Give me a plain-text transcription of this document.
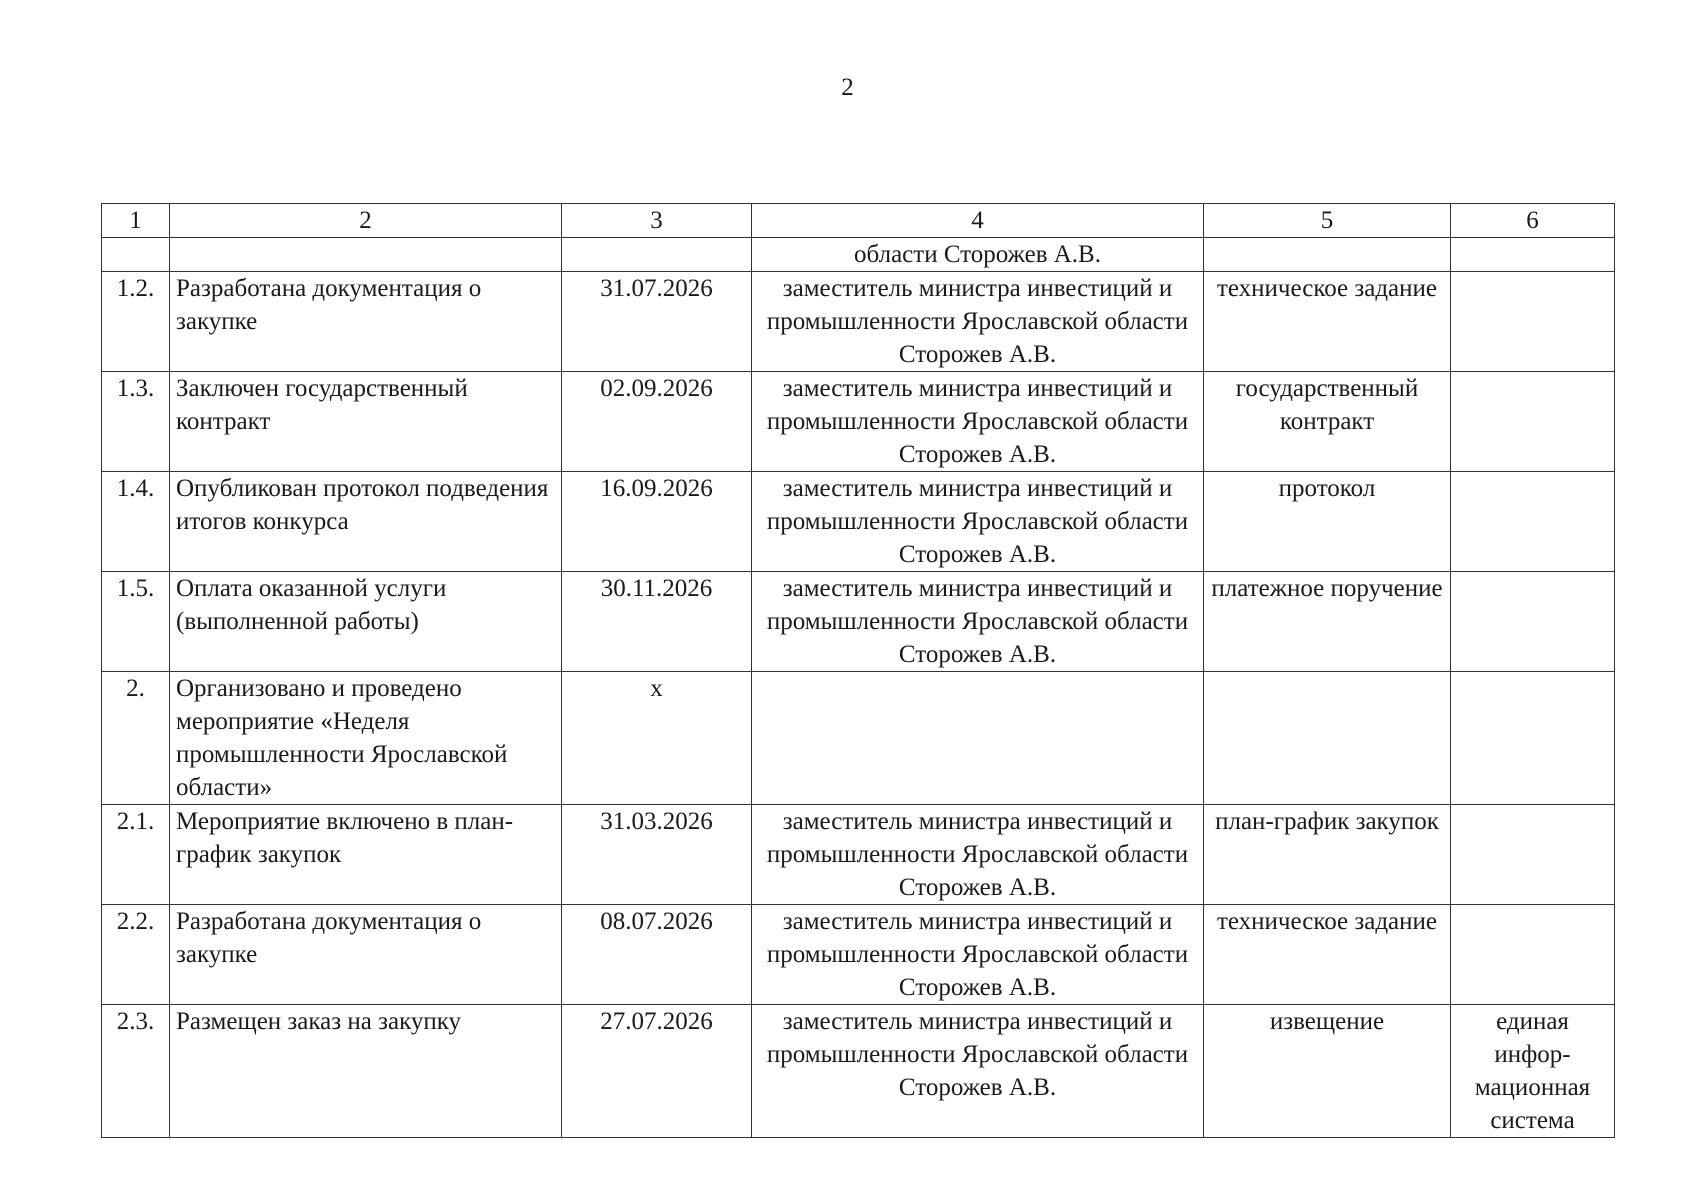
2
1	2	3	4	5	6
			области Сторожев А.В.		
1.2.	Разработана документация о закупке	31.07.2026	заместитель министра инвестиций и промышленности Ярославской области Сторожев А.В.	техническое задание	
1.3.	Заключен государственный контракт	02.09.2026	заместитель министра инвестиций и промышленности Ярославской области Сторожев А.В.	государственный контракт	
1.4.	Опубликован протокол подведения итогов конкурса	16.09.2026	заместитель министра инвестиций и промышленности Ярославской области Сторожев А.В.	протокол	
1.5.	Оплата оказанной услуги (выполненной работы)	30.11.2026	заместитель министра инвестиций и промышленности Ярославской области Сторожев А.В.	платежное поручение	
2.	Организовано и проведено мероприятие «Неделя промышленности Ярославской области»	х			
2.1.	Мероприятие включено в план-график закупок	31.03.2026	заместитель министра инвестиций и промышленности Ярославской области Сторожев А.В.	план-график закупок	
2.2.	Разработана документация о закупке	08.07.2026	заместитель министра инвестиций и промышленности Ярославской области Сторожев А.В.	техническое задание	
2.3.	Размещен заказ на закупку	27.07.2026	заместитель министра инвестиций и промышленности Ярославской области Сторожев А.В.	извещение	единая инфор-мационная система
